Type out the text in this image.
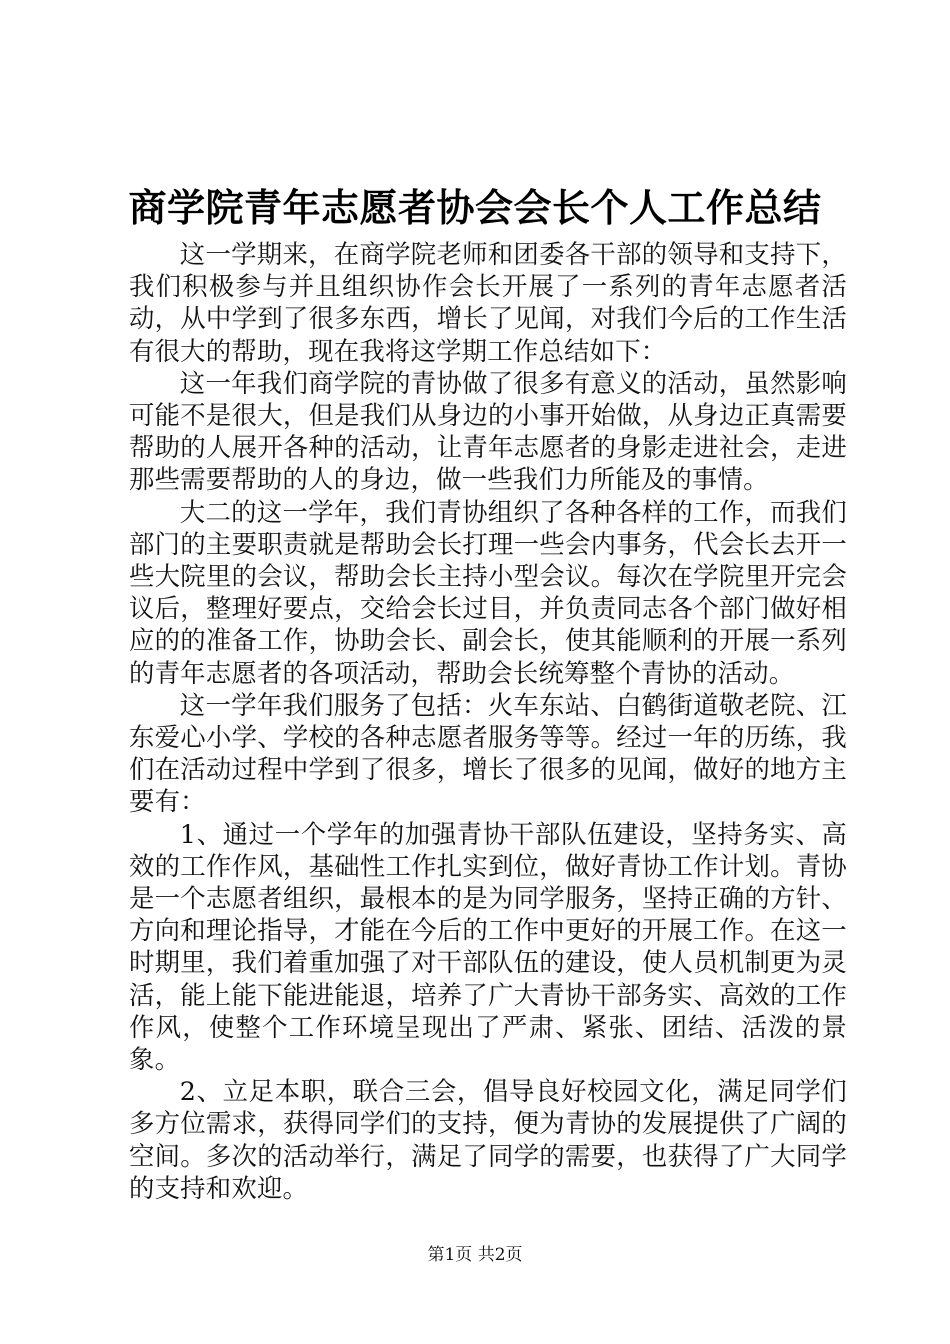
商学院青年志愿者协会会长个人工作总结

这一学期来，在商学院老师和团委各干部的领导和支持下，我们积极参与并且组织协作会长开展了一系列的青年志愿者活动，从中学到了很多东西，增长了见闻，对我们今后的工作生活有很大的帮助，现在我将这学期工作总结如下：

这一年我们商学院的青协做了很多有意义的活动，虽然影响可能不是很大，但是我们从身边的小事开始做，从身边正真需要帮助的人展开各种的活动，让青年志愿者的身影走进社会，走进那些需要帮助的人的身边，做一些我们力所能及的事情。

大二的这一学年，我们青协组织了各种各样的工作，而我们部门的主要职责就是帮助会长打理一些会内事务，代会长去开一些大院里的会议，帮助会长主持小型会议。每次在学院里开完会议后，整理好要点，交给会长过目，并负责同志各个部门做好相应的的准备工作，协助会长、副会长，使其能顺利的开展一系列的青年志愿者的各项活动，帮助会长统筹整个青协的活动。

这一学年我们服务了包括：火车东站、白鹤街道敬老院、江东爱心小学、学校的各种志愿者服务等等。经过一年的历练，我们在活动过程中学到了很多，增长了很多的见闻，做好的地方主要有：

1、通过一个学年的加强青协干部队伍建设，坚持务实、高效的工作作风，基础性工作扎实到位，做好青协工作计划。青协是一个志愿者组织，最根本的是为同学服务，坚持正确的方针、方向和理论指导，才能在今后的工作中更好的开展工作。在这一时期里，我们着重加强了对干部队伍的建设，使人员机制更为灵活，能上能下能进能退，培养了广大青协干部务实、高效的工作作风，使整个工作环境呈现出了严肃、紧张、团结、活泼的景象。

2、立足本职，联合三会，倡导良好校园文化，满足同学们多方位需求，获得同学们的支持，便为青协的发展提供了广阔的空间。多次的活动举行，满足了同学的需要，也获得了广大同学的支持和欢迎。

第1页 共2页
